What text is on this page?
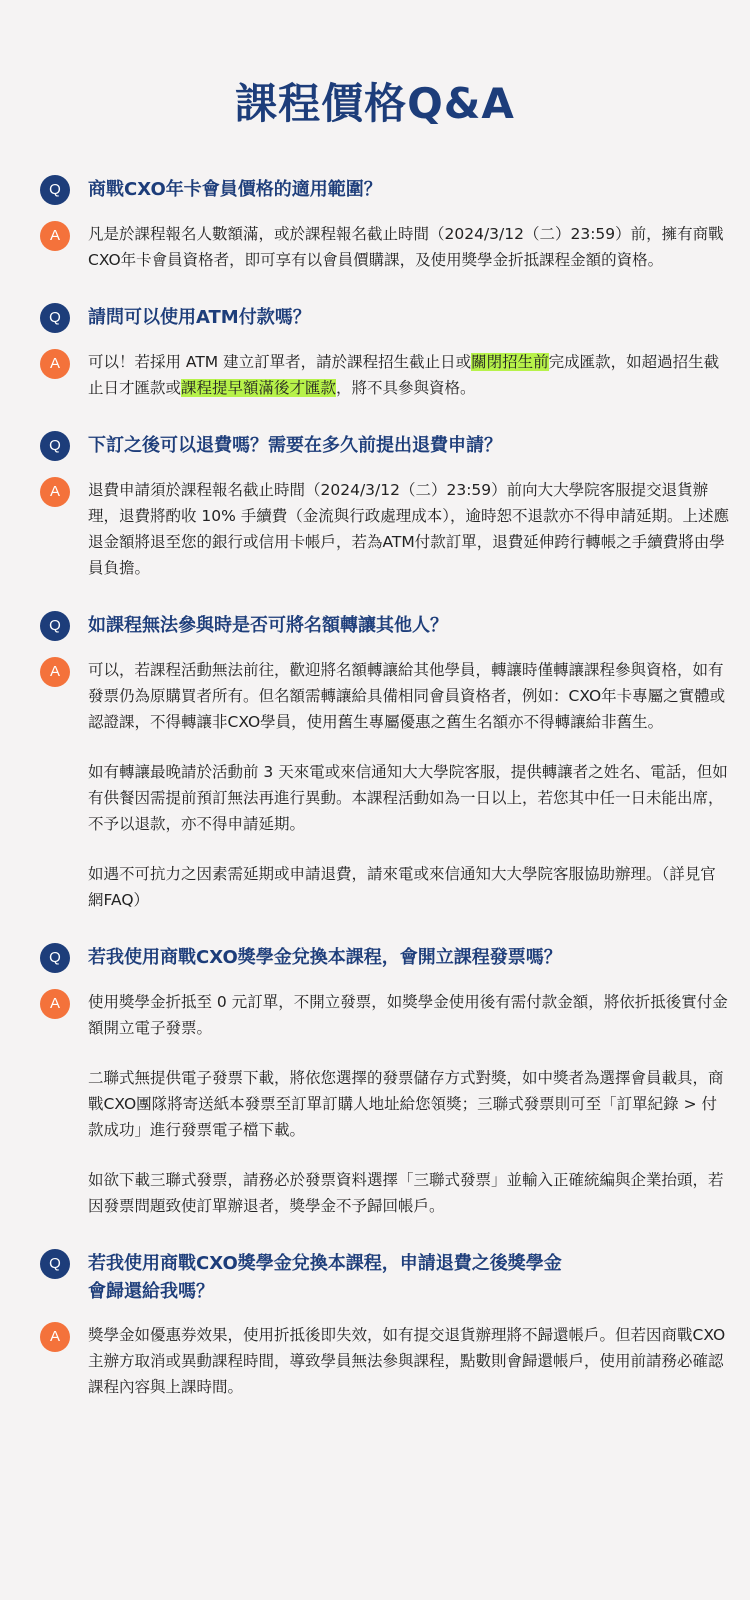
課程價格Q&A
Q	商戰CXO年卡會員價格的適用範圍？
A	凡是於課程報名人數額滿，或於課程報名截止時間（2024/3/12（二）23:59）前，擁有商戰CXO年卡會員資格者，即可享有以會員價購課，及使用獎學金折抵課程金額的資格。

Q	請問可以使用ATM付款嗎？
A	可以！若採用 ATM 建立訂單者，請於課程招生截止日或關閉招生前完成匯款，如超過招生截止日才匯款或課程提早額滿後才匯款，將不具參與資格。

Q	下訂之後可以退費嗎？需要在多久前提出退費申請？
A	退費申請須於課程報名截止時間（2024/3/12（二）23:59）前向大大學院客服提交退貨辦理，退費將酌收 10% 手續費（金流與行政處理成本），逾時恕不退款亦不得申請延期。上述應退金額將退至您的銀行或信用卡帳戶，若為ATM付款訂單，退費延伸跨行轉帳之手續費將由學員負擔。

Q	如課程無法參與時是否可將名額轉讓其他人？
A	可以，若課程活動無法前往，歡迎將名額轉讓給其他學員，轉讓時僅轉讓課程參與資格，如有發票仍為原購買者所有。但名額需轉讓給具備相同會員資格者，例如：CXO年卡專屬之實體或認證課，不得轉讓非CXO學員，使用舊生專屬優惠之舊生名額亦不得轉讓給非舊生。

如有轉讓最晚請於活動前 3 天來電或來信通知大大學院客服，提供轉讓者之姓名、電話，但如有供餐因需提前預訂無法再進行異動。本課程活動如為一日以上，若您其中任一日未能出席，不予以退款，亦不得申請延期。

如遇不可抗力之因素需延期或申請退費，請來電或來信通知大大學院客服協助辦理。（詳見官網FAQ）

Q	若我使用商戰CXO獎學金兌換本課程，會開立課程發票嗎？
A	使用獎學金折抵至 0 元訂單，不開立發票，如獎學金使用後有需付款金額，將依折抵後實付金額開立電子發票。

二聯式無提供電子發票下載，將依您選擇的發票儲存方式對獎，如中獎者為選擇會員載具，商戰CXO團隊將寄送紙本發票至訂單訂購人地址給您領獎；三聯式發票則可至「訂單紀錄 > 付款成功」進行發票電子檔下載。

如欲下載三聯式發票，請務必於發票資料選擇「三聯式發票」並輸入正確統編與企業抬頭，若因發票問題致使訂單辦退者，獎學金不予歸回帳戶。

Q	若我使用商戰CXO獎學金兌換本課程，申請退費之後獎學金
會歸還給我嗎？
A	獎學金如優惠券效果，使用折抵後即失效，如有提交退貨辦理將不歸還帳戶。但若因商戰CXO主辦方取消或異動課程時間，導致學員無法參與課程，點數則會歸還帳戶，使用前請務必確認課程內容與上課時間。
